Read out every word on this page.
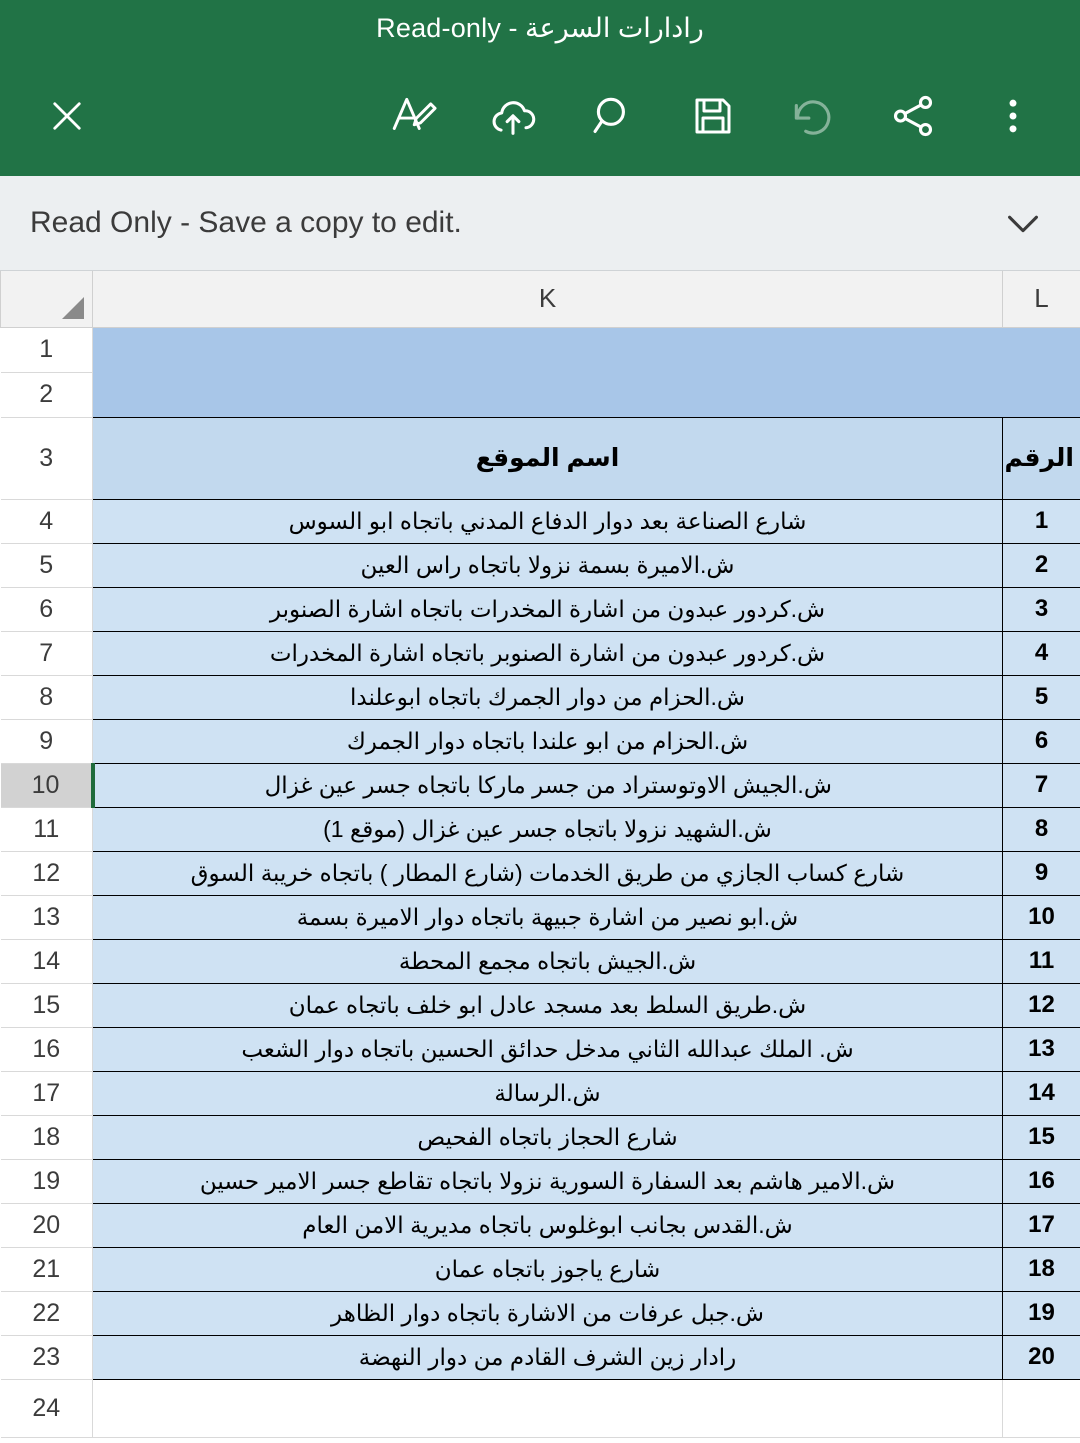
رادارات السرعة - Read-only
Read Only - Save a copy to edit.
	K	L
1		
2		
3	اسم الموقع	الرقم
4	شارع الصناعة بعد دوار الدفاع المدني باتجاه ابو السوس	1
5	ش.الاميرة بسمة نزولا باتجاه راس العين	2
6	ش.كردور عبدون من اشارة المخدرات باتجاه اشارة الصنوبر	3
7	ش.كردور عبدون من اشارة الصنوبر باتجاه اشارة المخدرات	4
8	ش.الحزام من دوار الجمرك باتجاه ابوعلندا	5
9	ش.الحزام من ابو علندا باتجاه دوار الجمرك	6
10	ش.الجيش الاوتوستراد من جسر ماركا باتجاه جسر عين غزال	7
11	ش.الشهيد نزولا باتجاه جسر عين غزال (موقع 1)	8
12	شارع كساب الجازي من طريق الخدمات (شارع المطار ) باتجاه خريبة السوق	9
13	ش.ابو نصير من اشارة جبيهة باتجاه دوار الاميرة بسمة	10
14	ش.الجيش باتجاه مجمع المحطة	11
15	ش.طريق السلط بعد مسجد عادل ابو خلف باتجاه عمان	12
16	ش. الملك عبدالله الثاني مدخل حدائق الحسين باتجاه دوار الشعب	13
17	ش.الرسالة	14
18	شارع الحجاز باتجاه الفحيص	15
19	ش.الامير هاشم بعد السفارة السورية نزولا باتجاه تقاطع جسر الامير حسين	16
20	ش.القدس بجانب ابوغلوس باتجاه مديرية الامن العام	17
21	شارع ياجوز باتجاه عمان	18
22	ش.جبل عرفات من الاشارة باتجاه دوار الظاهر	19
23	رادار زين الشرف القادم من دوار النهضة	20
24		
